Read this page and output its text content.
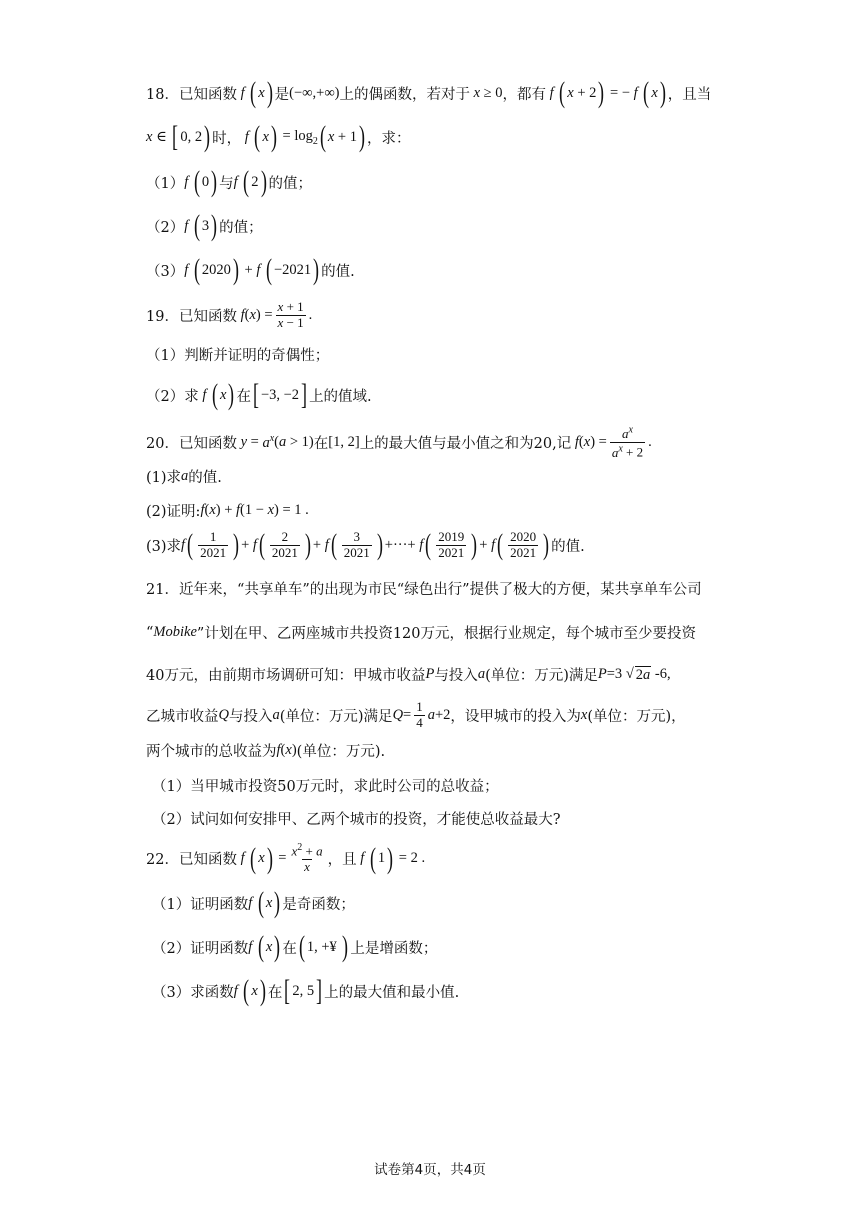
18．已知函数 f ( x ) 是 (−∞,+∞) 上的偶函数，若对于 x ≥ 0 ，都有 f ( x + 2 ) = − f ( x ) ，且当
x ∈ [ 0, 2 ) 时， f ( x ) = $\log_2$ ( x + 1 ) ，求：
（1） f ( 0 ) 与 f ( 2 ) 的值；
（2） f ( 3 ) 的值；
（3） f ( 2020 ) + f ( −2021 ) 的值.
19．已知函数 f ( x ) = $\frac{x + 1}{x - 1}$ .
（1）判断并证明的奇偶性；
（2）求 f ( x ) 在 [ −3, −2 ] 上的值域.
20．已知函数 $y = a^x$ ( a > 1) 在 [1, 2] 上的最大值与最小值之和为20,记 f ( x ) = $\frac{a^x}{a^x + 2}$ .
(1)求 a 的值.
(2)证明: f ( x ) + f (1 − x ) = 1 .
(3)求 f ( $\frac{1}{2021}$ ) + f ( $\frac{2}{2021}$ ) + f ( $\frac{3}{2021}$ ) +···+ f ( $\frac{2019}{2021}$ ) + f ( $\frac{2020}{2021}$ ) 的值.
21．近年来，“共享单车”的出现为市民“绿色出行”提供了极大的方便，某共享单车公司
“ Mobike ”计划在甲、乙两座城市共投资120万元，根据行业规定，每个城市至少要投资
40万元，由前期市场调研可知：甲城市收益 P 与投入 a (单位：万元)满足 P =3 √ 2a -6,
乙城市收益 Q 与投入 a (单位：万元)满足 $Q = \frac{1}{4}$ a +2 ，设甲城市的投入为 x (单位：万元)，
两个城市的总收益为 f ( x ) (单位：万元).
（1）当甲城市投资50万元时，求此时公司的总收益；
（2）试问如何安排甲、乙两个城市的投资，才能使总收益最大?
22．已知函数 f ( x ) = $\frac{x^2 + a}{x}$ ，且 f ( 1 ) = 2 .
（1）证明函数 f ( x ) 是奇函数；
（2）证明函数 f ( x ) 在 ( 1, +¥ ) 上是增函数；
（3）求函数 f ( x ) 在 [ 2, 5 ] 上的最大值和最小值.
试卷第4页，共4页
